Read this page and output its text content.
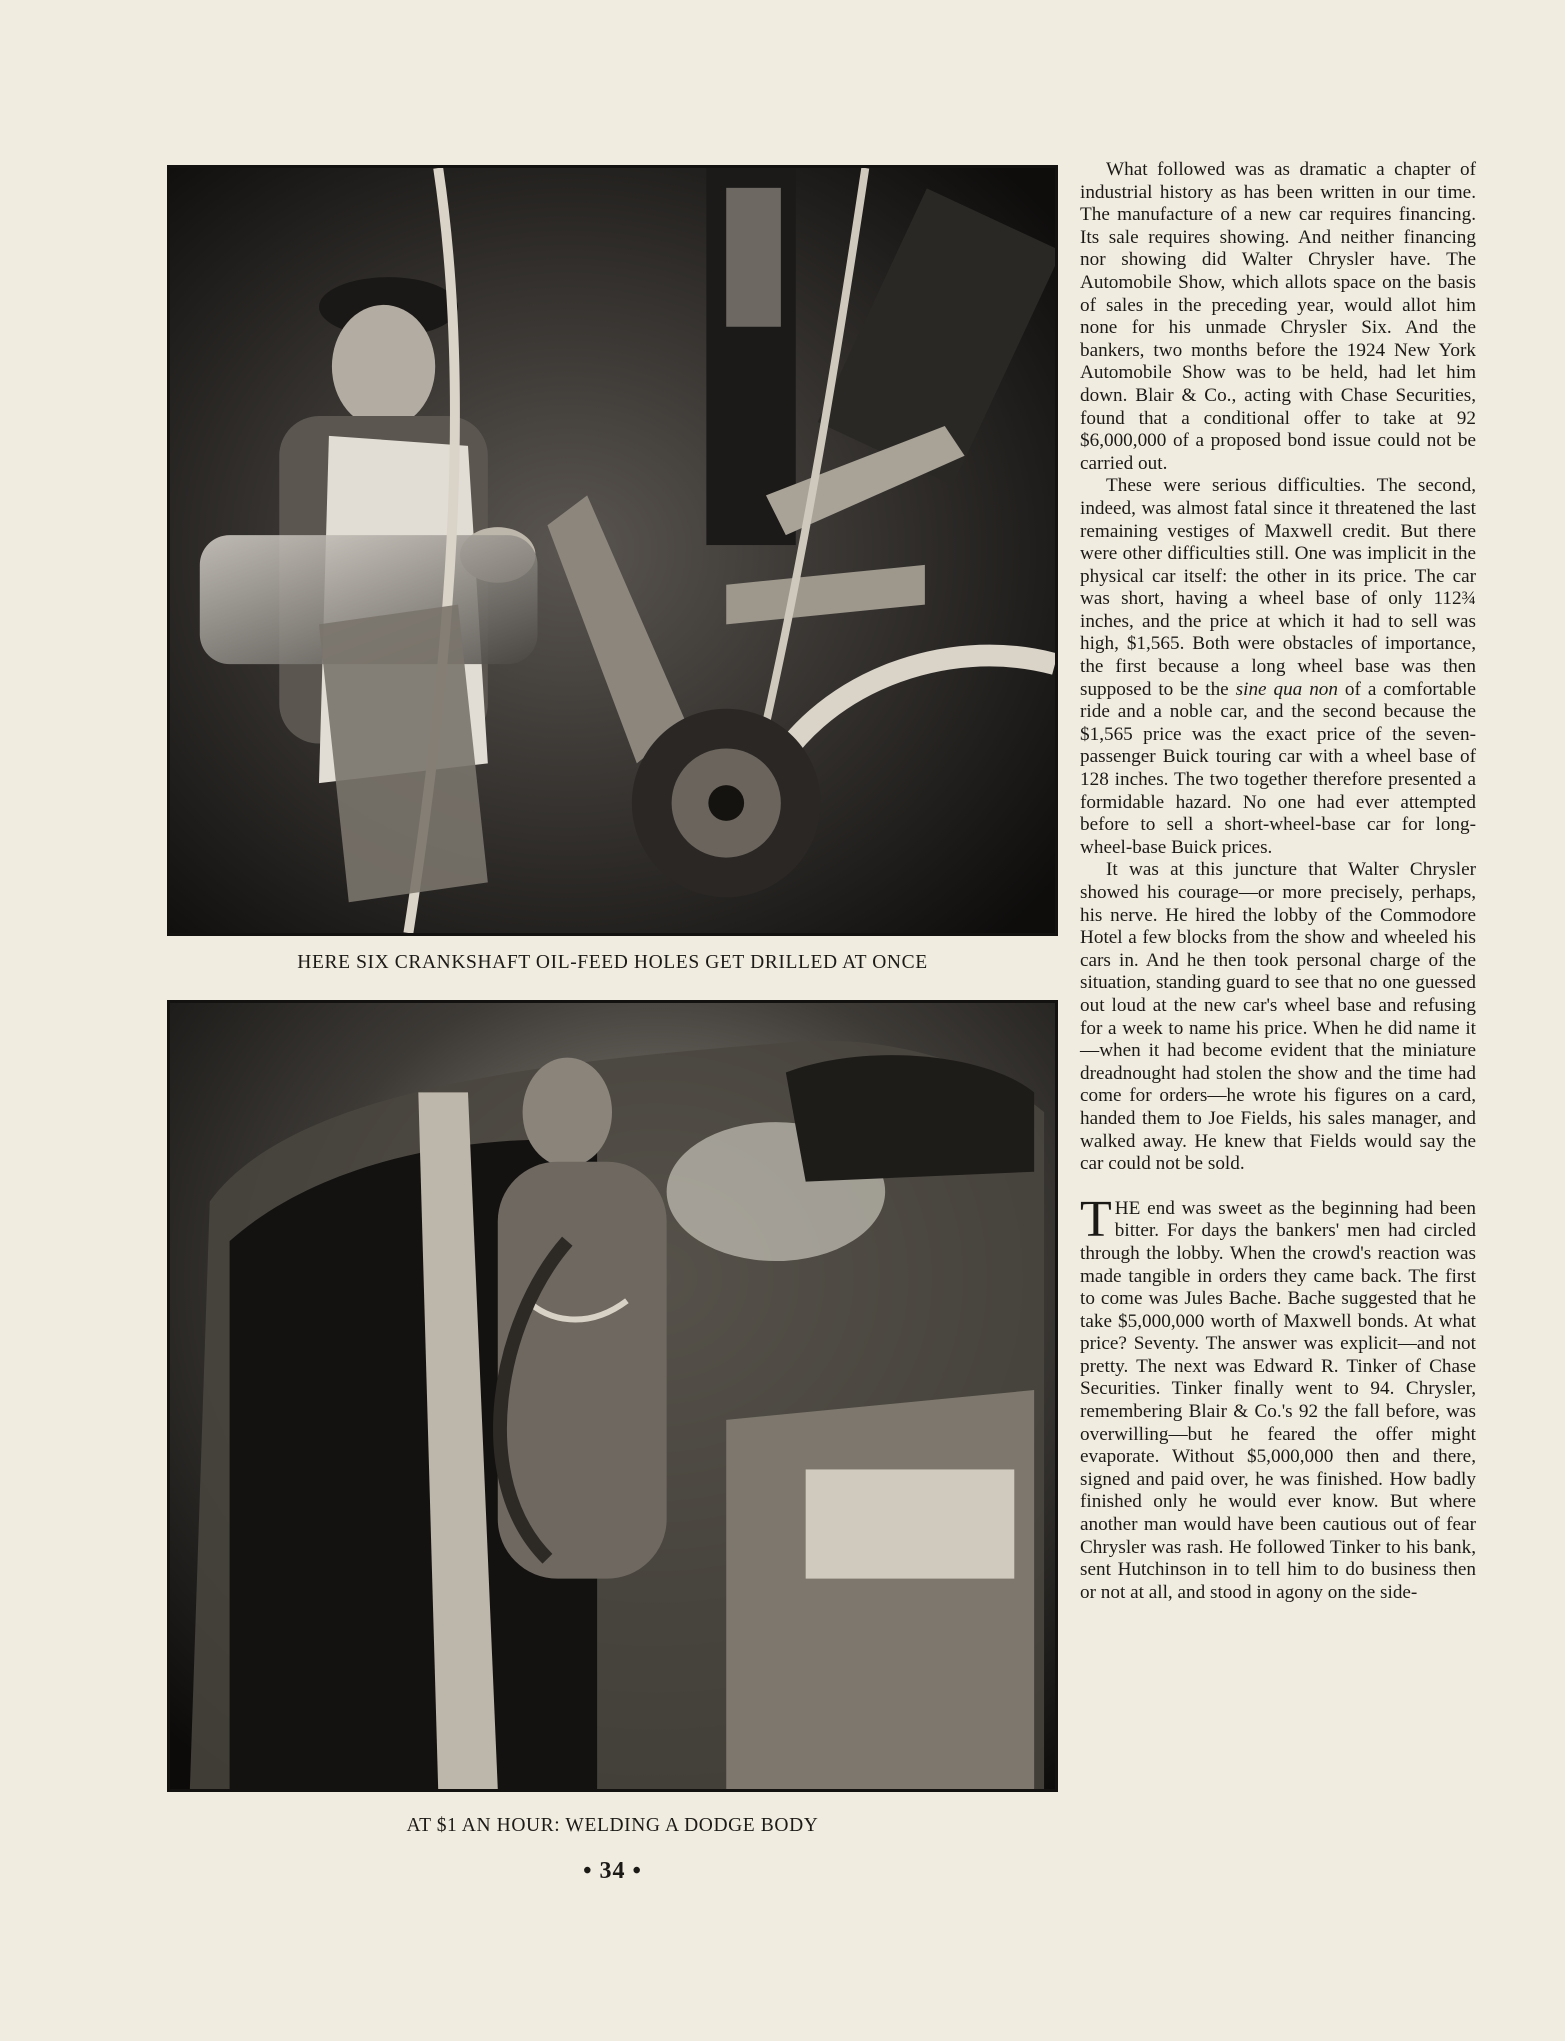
HERE SIX CRANKSHAFT OIL-FEED HOLES GET DRILLED AT ONCE
AT $1 AN HOUR: WELDING A DODGE BODY

What followed was as dramatic a chapter of industrial history as has been written in our time. The manufacture of a new car requires financing. Its sale requires showing. And neither financing nor showing did Walter Chrysler have. The Automobile Show, which allots space on the basis of sales in the preceding year, would allot him none for his unmade Chrysler Six. And the bankers, two months before the 1924 New York Automobile Show was to be held, had let him down. Blair & Co., acting with Chase Securities, found that a conditional offer to take at 92 $6,000,000 of a proposed bond issue could not be carried out.

These were serious difficulties. The second, indeed, was almost fatal since it threatened the last remaining vestiges of Maxwell credit. But there were other difficulties still. One was implicit in the physical car itself: the other in its price. The car was short, having a wheel base of only 112¾ inches, and the price at which it had to sell was high, $1,565. Both were obstacles of importance, the first because a long wheel base was then supposed to be the sine qua non of a comfortable ride and a noble car, and the second because the $1,565 price was the exact price of the seven-passenger Buick touring car with a wheel base of 128 inches. The two together therefore presented a formidable hazard. No one had ever attempted before to sell a short-wheel-base car for long-wheel-base Buick prices.

It was at this juncture that Walter Chrysler showed his courage—or more precisely, perhaps, his nerve. He hired the lobby of the Commodore Hotel a few blocks from the show and wheeled his cars in. And he then took personal charge of the situation, standing guard to see that no one guessed out loud at the new car's wheel base and refusing for a week to name his price. When he did name it—when it had become evident that the miniature dreadnought had stolen the show and the time had come for orders—he wrote his figures on a card, handed them to Joe Fields, his sales manager, and walked away. He knew that Fields would say the car could not be sold.

THE end was sweet as the beginning had been bitter. For days the bankers' men had circled through the lobby. When the crowd's reaction was made tangible in orders they came back. The first to come was Jules Bache. Bache suggested that he take $5,000,000 worth of Maxwell bonds. At what price? Seventy. The answer was explicit—and not pretty. The next was Edward R. Tinker of Chase Securities. Tinker finally went to 94. Chrysler, remembering Blair & Co.'s 92 the fall before, was overwilling—but he feared the offer might evaporate. Without $5,000,000 then and there, signed and paid over, he was finished. How badly finished only he would ever know. But where another man would have been cautious out of fear Chrysler was rash. He followed Tinker to his bank, sent Hutchinson in to tell him to do business then or not at all, and stood in agony on the side-

• 34 •
